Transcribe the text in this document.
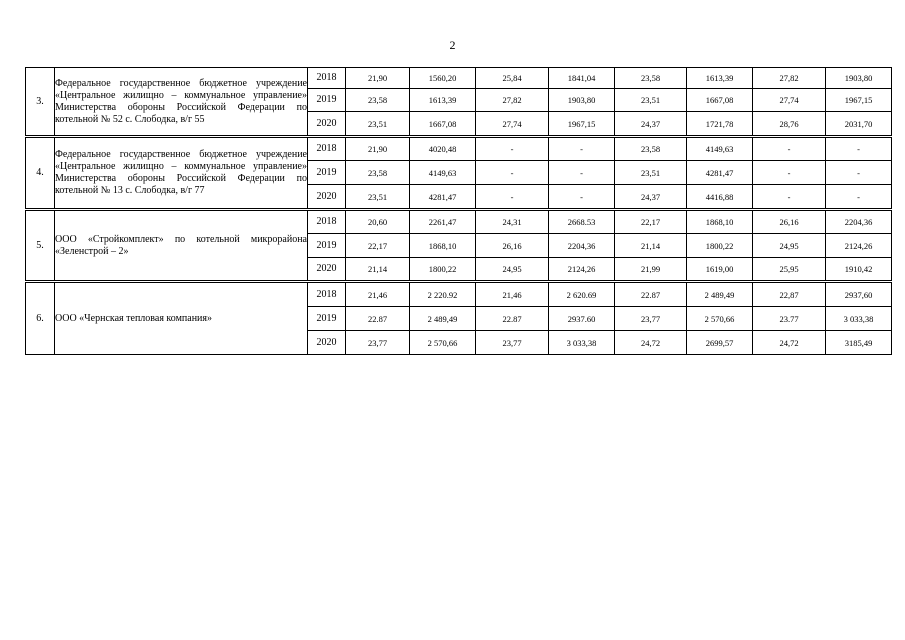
2
3.	Федеральное государственное бюджетное учреждение «Центральное жилищно – коммунальное управление» Министерства обороны Российской Федерации по котельной № 52 с. Слободка, в/г 55	2018	21,90	1560,20	25,84	1841,04	23,58	1613,39	27,82	1903,80
		2019	23,58	1613,39	27,82	1903,80	23,51	1667,08	27,74	1967,15
		2020	23,51	1667,08	27,74	1967,15	24,37	1721,78	28,76	2031,70
4.	Федеральное государственное бюджетное учреждение «Центральное жилищно – коммунальное управление» Министерства обороны Российской Федерации по котельной № 13 с. Слободка, в/г 77	2018	21,90	4020,48	-	-	23,58	4149,63	-	-
		2019	23,58	4149,63	-	-	23,51	4281,47	-	-
		2020	23,51	4281,47	-	-	24,37	4416,88	-	-
5.	ООО «Стройкомплект» по котельной микрорайона «Зеленстрой – 2»	2018	20,60	2261,47	24,31	2668.53	22,17	1868,10	26,16	2204,36
		2019	22,17	1868,10	26,16	2204,36	21,14	1800,22	24,95	2124,26
		2020	21,14	1800,22	24,95	2124,26	21,99	1619,00	25,95	1910,42
6.	ООО «Чернская тепловая компания»	2018	21,46	2 220.92	21,46	2 620.69	22.87	2 489,49	22,87	2937,60
		2019	22.87	2 489,49	22.87	2937.60	23,77	2 570,66	23.77	3 033,38
		2020	23,77	2 570,66	23,77	3 033,38	24,72	2699,57	24,72	3185,49
